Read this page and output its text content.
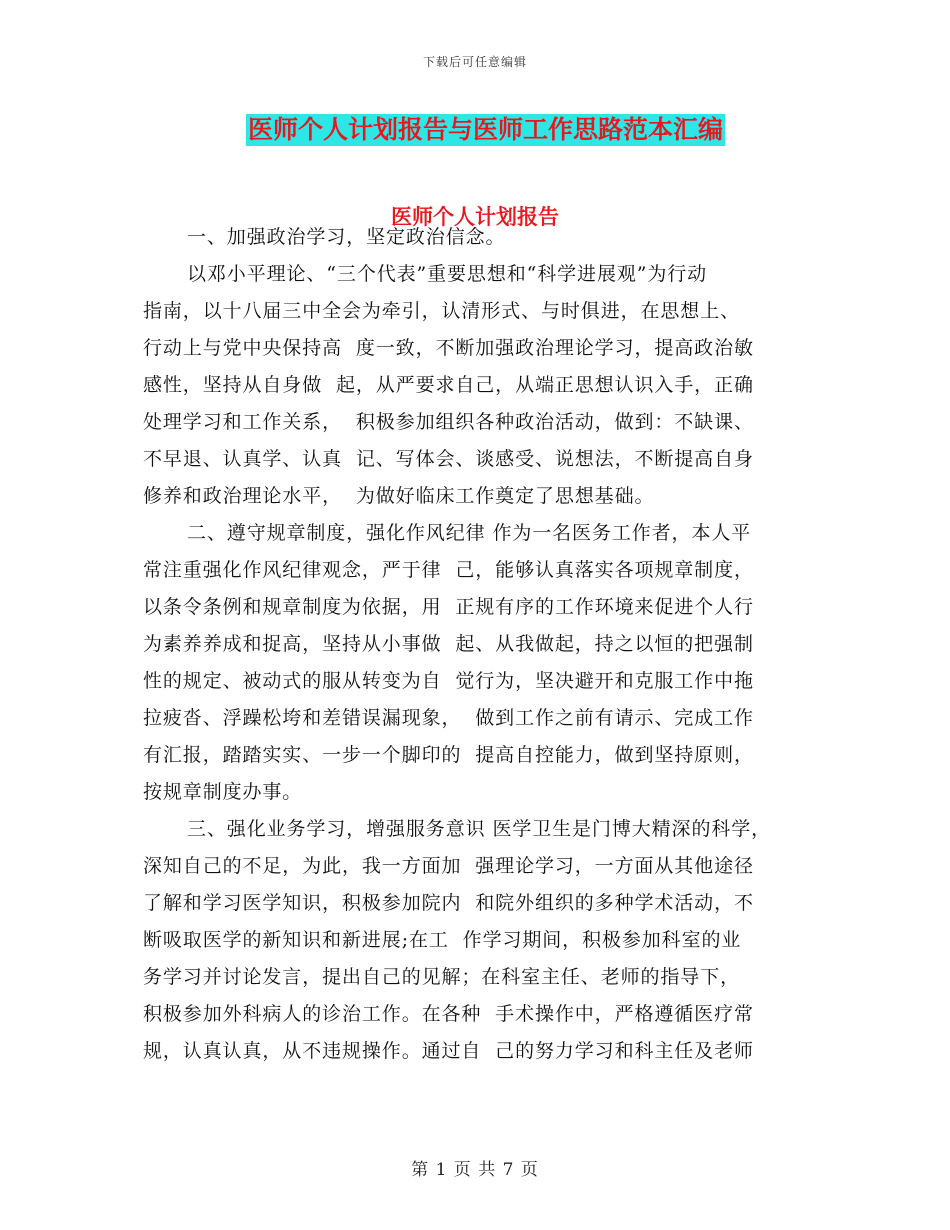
下载后可任意编辑
医师个人计划报告与医师工作思路范本汇编
医师个人计划报告
一、加强政治学习，坚定政治信念。
以邓小平理论、“三个代表”重要思想和“科学进展观”为行动
指南，以十八届三中全会为牵引，认清形式、与时俱进，在思想上、
行动上与党中央保持高  度一致，不断加强政治理论学习，提高政治敏
感性，坚持从自身做  起，从严要求自己，从端正思想认识入手，正确
处理学习和工作关系，  积极参加组织各种政治活动，做到：不缺课、
不早退、认真学、认真  记、写体会、谈感受、说想法，不断提高自身
修养和政治理论水平，  为做好临床工作奠定了思想基础。
二、遵守规章制度，强化作风纪律 作为一名医务工作者，本人平
常注重强化作风纪律观念，严于律  己，能够认真落实各项规章制度，
以条令条例和规章制度为依据，用  正规有序的工作环境来促进个人行
为素养养成和捉高，坚持从小事做  起、从我做起，持之以恒的把强制
性的规定、被动式的服从转变为自  觉行为，坚决避开和克服工作中拖
拉疲沓、浮躁松垮和差错误漏现象，  做到工作之前有请示、完成工作
有汇报，踏踏实实、一步一个脚印的  提高自控能力，做到坚持原则，
按规章制度办事。
三、强化业务学习，增强服务意识 医学卫生是门博大精深的科学，
深知自己的不足，为此，我一方面加  强理论学习，一方面从其他途径
了解和学习医学知识，积极参加院内  和院外组织的多种学术活动，不
断吸取医学的新知识和新进展;在工  作学习期间，积极参加科室的业
务学习并讨论发言，提出自己的见解；在科室主任、老师的指导下，
积极参加外科病人的诊治工作。在各种  手术操作中，严格遵循医疗常
规，认真认真，从不违规操作。通过自  己的努力学习和科主任及老师
第 1 页 共 7 页
